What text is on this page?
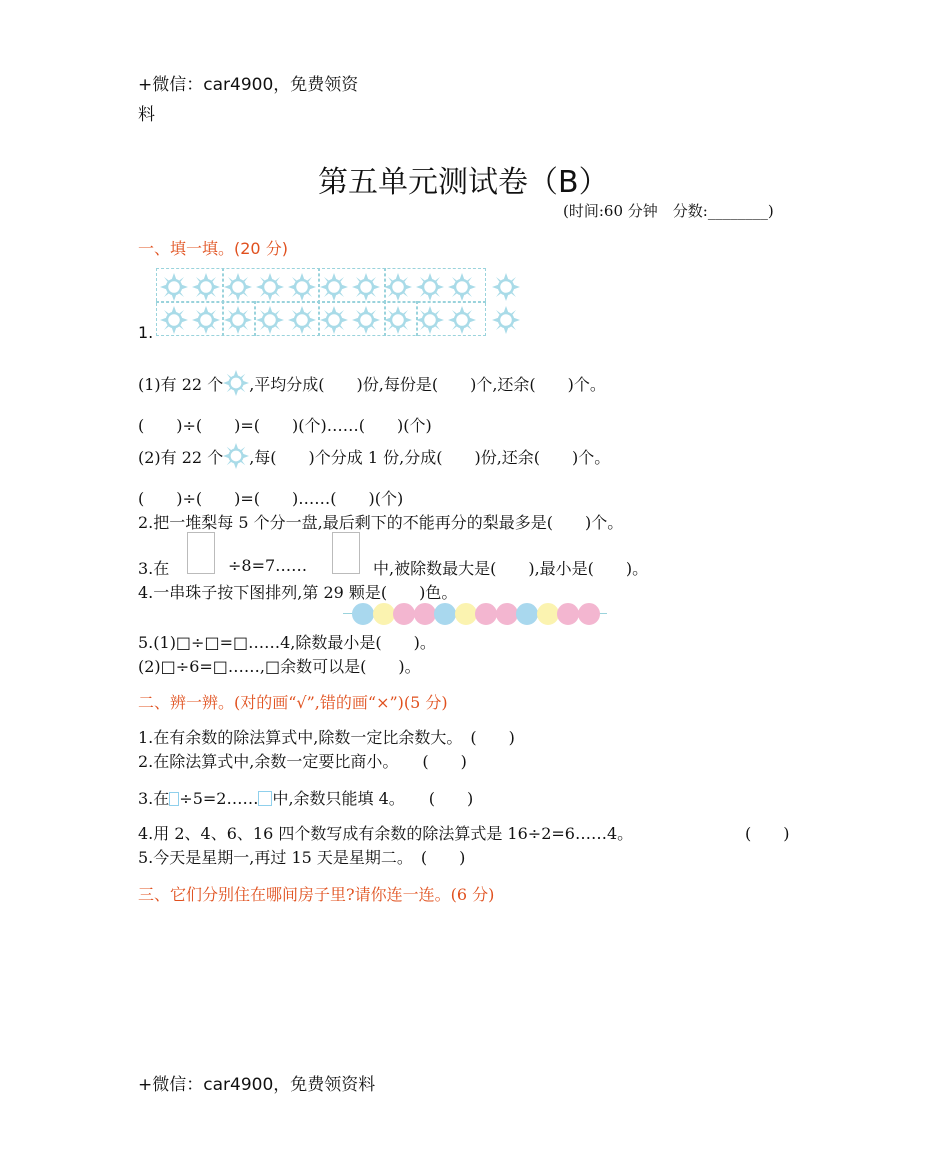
+微信：car4900，免费领资
料
第五单元测试卷（B）
(时间:60 分钟　分数:________)
一、填一填。(20 分)
1.
(1)有 22 个 ,平均分成(　　)份,每份是(　　)个,还余(　　)个。
(　　)÷(　　)=(　　)(个)……(　　)(个)
(2)有 22 个 ,每(　　)个分成 1 份,分成(　　)份,还余(　　)个。
(　　)÷(　　)=(　　)……(　　)(个)
2.把一堆梨每 5 个分一盘,最后剩下的不能再分的梨最多是(　　)个。
3.在	÷8=7……	中,被除数最大是(　　),最小是(　　)。
4.一串珠子按下图排列,第 29 颗是(　　)色。
5.(1)□÷□=□……4,除数最小是(　　)。
(2)□÷6=□……,□余数可以是(　　)。
二、辨一辨。(对的画“√”,错的画“×”)(5 分)
1.在有余数的除法算式中,除数一定比余数大。　(　　)
2.在除法算式中,余数一定要比商小。　　(　　)
3.在 ÷5=2…… 中,余数只能填 4。　　(　　)
4.用 2、4、6、16 四个数写成有余数的除法算式是 16÷2=6……4。	(　　)
5.今天是星期一,再过 15 天是星期二。　(　　)
三、它们分别住在哪间房子里?请你连一连。(6 分)
+微信：car4900，免费领资料
